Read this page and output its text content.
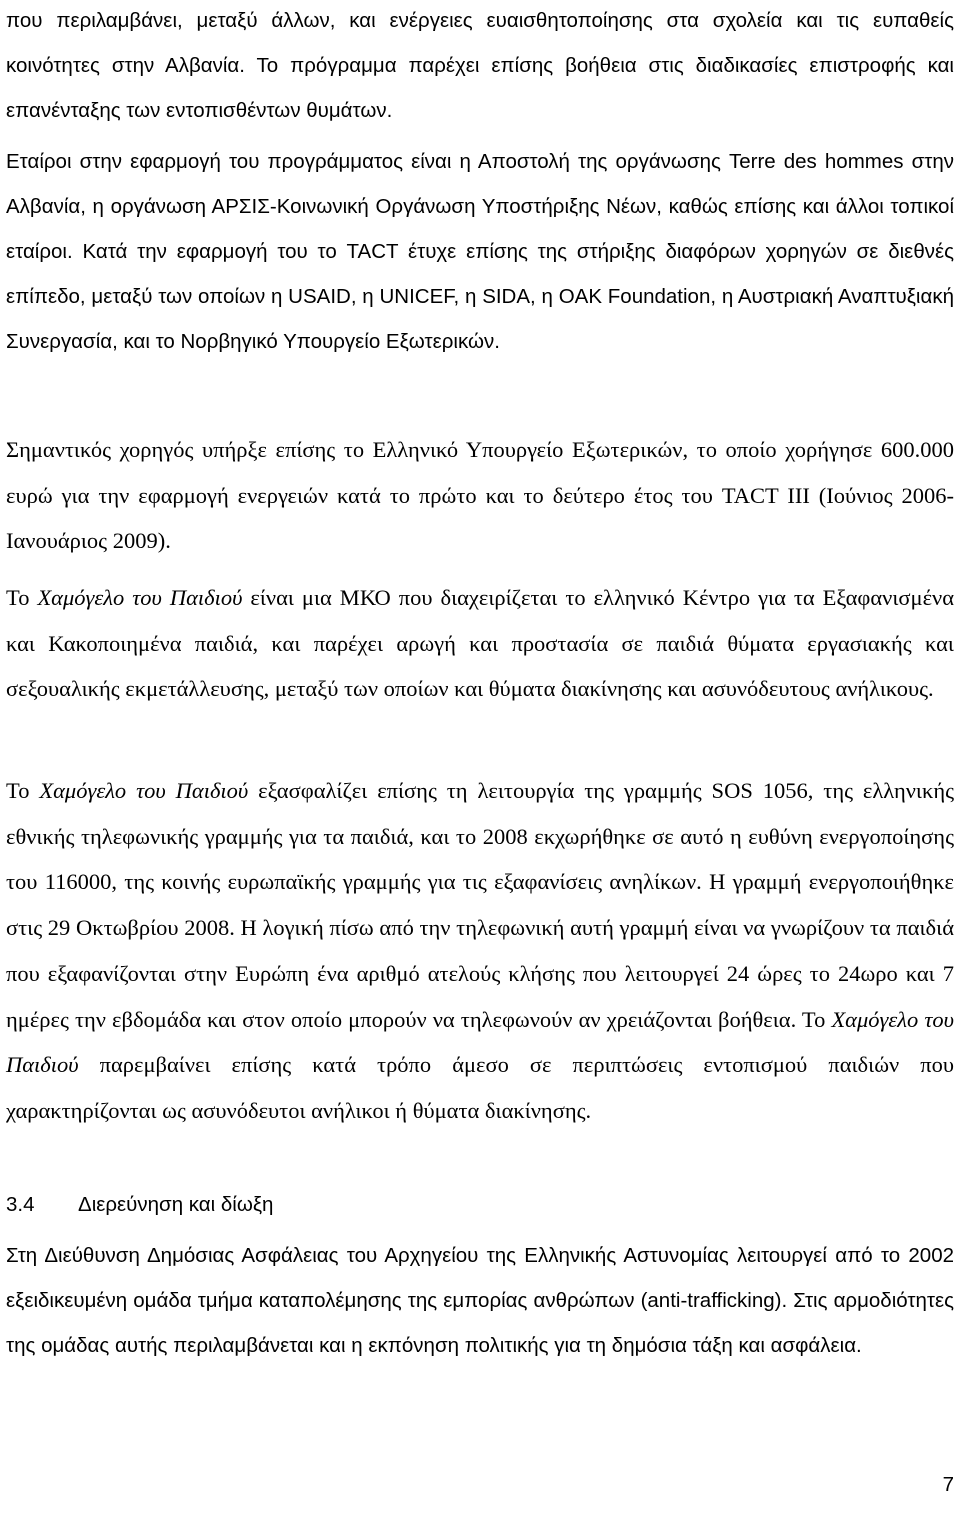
που περιλαμβάνει, μεταξύ άλλων, και ενέργειες ευαισθητοποίησης στα σχολεία και τις ευπαθείς κοινότητες στην Αλβανία. Το πρόγραμμα παρέχει επίσης βοήθεια στις διαδικασίες επιστροφής και επανένταξης των εντοπισθέντων θυμάτων.

Εταίροι στην εφαρμογή του προγράμματος είναι η Αποστολή της οργάνωσης Terre des hommes στην Αλβανία, η οργάνωση ΑΡΣΙΣ-Κοινωνική Οργάνωση Υποστήριξης Νέων, καθώς επίσης και άλλοι τοπικοί εταίροι. Κατά την εφαρμογή του το TACT έτυχε επίσης της στήριξης διαφόρων χορηγών σε διεθνές επίπεδο, μεταξύ των οποίων η USAID, η UNICEF, η SIDA, η OAK Foundation, η Αυστριακή Αναπτυξιακή Συνεργασία, και το Νορβηγικό Υπουργείο Εξωτερικών.

Σημαντικός χορηγός υπήρξε επίσης το Ελληνικό Υπουργείο Εξωτερικών, το οποίο χορήγησε 600.000 ευρώ για την εφαρμογή ενεργειών κατά το πρώτο και το δεύτερο έτος του TACT III (Ιούνιος 2006-Ιανουάριος 2009).

Το Χαμόγελο του Παιδιού είναι μια ΜΚΟ που διαχειρίζεται το ελληνικό Κέντρο για τα Εξαφανισμένα και Κακοποιημένα παιδιά, και παρέχει αρωγή και προστασία σε παιδιά θύματα εργασιακής και σεξουαλικής εκμετάλλευσης, μεταξύ των οποίων και θύματα διακίνησης και ασυνόδευτους ανήλικους.

Το Χαμόγελο του Παιδιού εξασφαλίζει επίσης τη λειτουργία της γραμμής SOS 1056, της ελληνικής εθνικής τηλεφωνικής γραμμής για τα παιδιά, και το 2008 εκχωρήθηκε σε αυτό η ευθύνη ενεργοποίησης του 116000, της κοινής ευρωπαϊκής γραμμής για τις εξαφανίσεις ανηλίκων. Η γραμμή ενεργοποιήθηκε στις 29 Οκτωβρίου 2008. Η λογική πίσω από την τηλεφωνική αυτή γραμμή είναι να γνωρίζουν τα παιδιά που εξαφανίζονται στην Ευρώπη ένα αριθμό ατελούς κλήσης που λειτουργεί 24 ώρες το 24ωρο και 7 ημέρες την εβδομάδα και στον οποίο μπορούν να τηλεφωνούν αν χρειάζονται βοήθεια. Το Χαμόγελο του Παιδιού παρεμβαίνει επίσης κατά τρόπο άμεσο σε περιπτώσεις εντοπισμού παιδιών που χαρακτηρίζονται ως ασυνόδευτοι ανήλικοι ή θύματα διακίνησης.

3.4 Διερεύνηση και δίωξη

Στη Διεύθυνση Δημόσιας Ασφάλειας του Αρχηγείου της Ελληνικής Αστυνομίας λειτουργεί από το 2002 εξειδικευμένη ομάδα τμήμα καταπολέμησης της εμπορίας ανθρώπων (anti-trafficking). Στις αρμοδιότητες της ομάδας αυτής περιλαμβάνεται και η εκπόνηση πολιτικής για τη δημόσια τάξη και ασφάλεια.

7
